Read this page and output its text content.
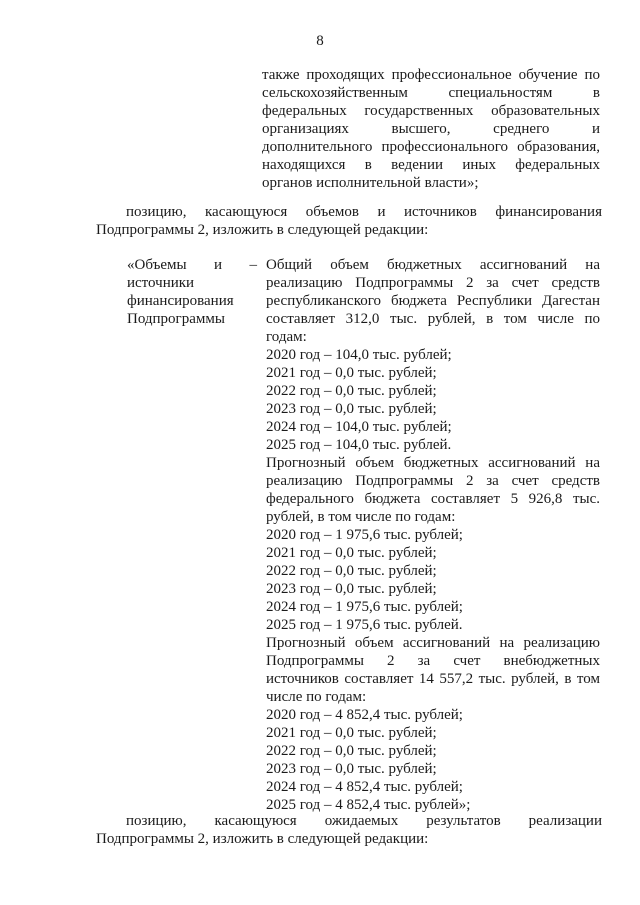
8
также проходящих профессиональное обучение по
сельскохозяйственным специальностям в
федеральных государственных образовательных
организациях высшего, среднего и
дополнительного профессионального образования,
находящихся в ведении иных федеральных
органов исполнительной власти»;
позицию, касающуюся объемов и источников финансирования
Подпрограммы 2, изложить в следующей редакции:
«Объемы и –
источники
финансирования
Подпрограммы
Общий объем бюджетных ассигнований на
реализацию Подпрограммы 2 за счет средств
республиканского бюджета Республики Дагестан
составляет 312,0 тыс. рублей, в том числе по
годам:
2020 год – 104,0 тыс. рублей;
2021 год – 0,0 тыс. рублей;
2022 год – 0,0 тыс. рублей;
2023 год – 0,0 тыс. рублей;
2024 год – 104,0 тыс. рублей;
2025 год – 104,0 тыс. рублей.
Прогнозный объем бюджетных ассигнований на
реализацию Подпрограммы 2 за счет средств
федерального бюджета составляет 5 926,8 тыс.
рублей, в том числе по годам:
2020 год – 1 975,6 тыс. рублей;
2021 год – 0,0 тыс. рублей;
2022 год – 0,0 тыс. рублей;
2023 год – 0,0 тыс. рублей;
2024 год – 1 975,6 тыс. рублей;
2025 год – 1 975,6 тыс. рублей.
Прогнозный объем ассигнований на реализацию
Подпрограммы 2 за счет внебюджетных
источников составляет 14 557,2 тыс. рублей, в том
числе по годам:
2020 год – 4 852,4 тыс. рублей;
2021 год – 0,0 тыс. рублей;
2022 год – 0,0 тыс. рублей;
2023 год – 0,0 тыс. рублей;
2024 год – 4 852,4 тыс. рублей;
2025 год – 4 852,4 тыс. рублей»;
позицию, касающуюся ожидаемых результатов реализации
Подпрограммы 2, изложить в следующей редакции:
